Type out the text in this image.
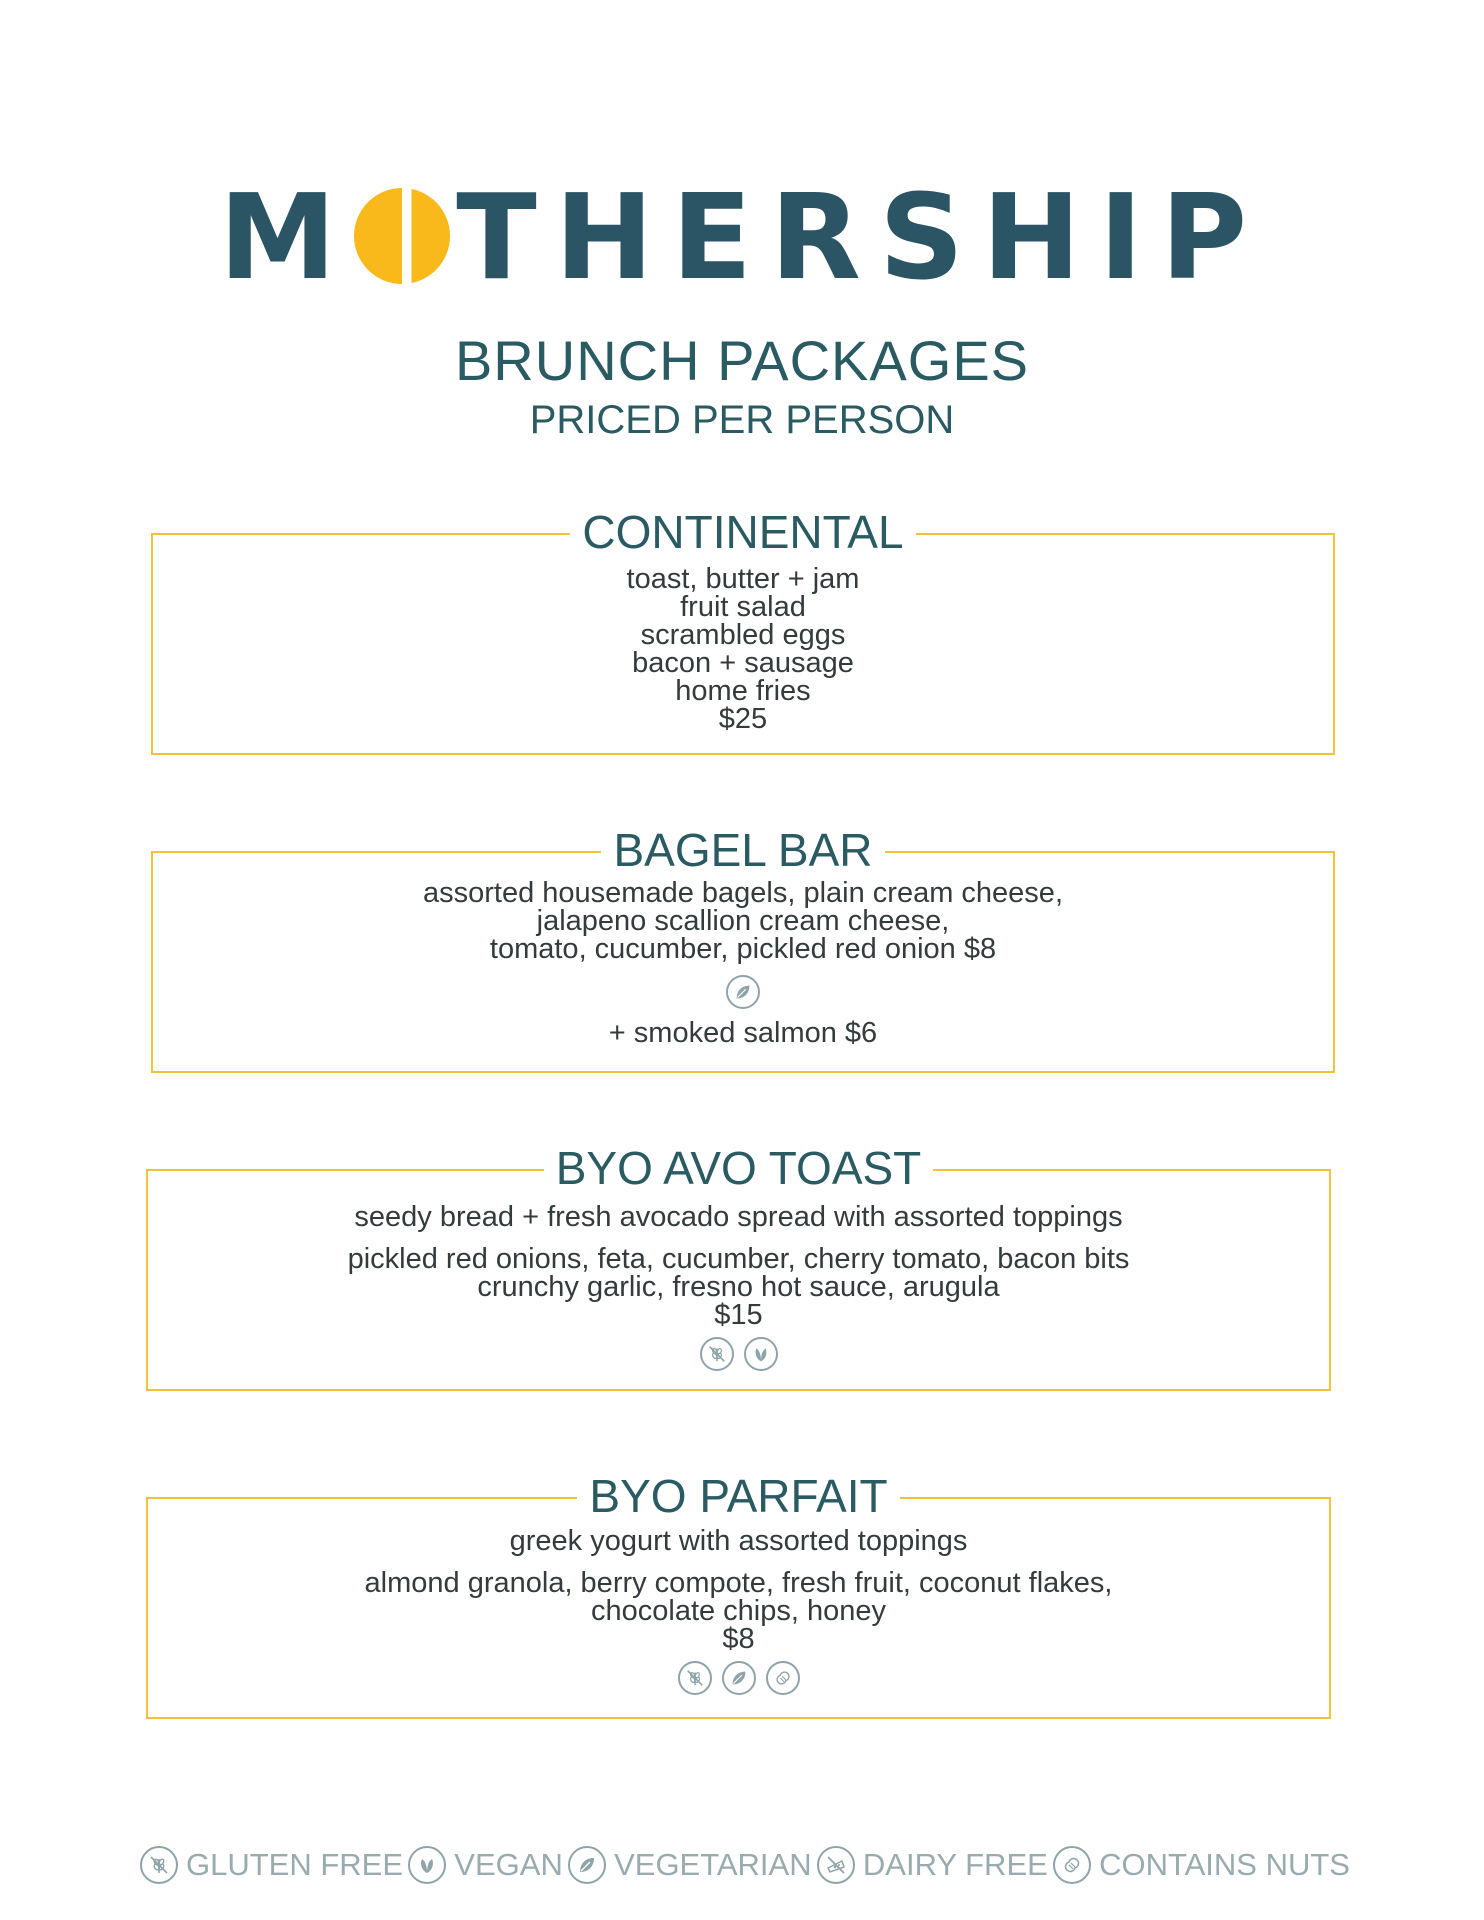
M THERSHIP
BRUNCH PACKAGES
PRICED PER PERSON
CONTINENTAL
toast, butter + jam
fruit salad
scrambled eggs
bacon + sausage
home fries
$25
BAGEL BAR
assorted housemade bagels, plain cream cheese,
jalapeno scallion cream cheese,
tomato, cucumber, pickled red onion $8
+ smoked salmon $6
BYO AVO TOAST
seedy bread + fresh avocado spread with assorted toppings
pickled red onions, feta, cucumber, cherry tomato, bacon bits
crunchy garlic, fresno hot sauce, arugula
$15
BYO PARFAIT
greek yogurt with assorted toppings
almond granola, berry compote, fresh fruit, coconut flakes,
chocolate chips, honey
$8
GLUTEN FREE VEGAN VEGETARIAN DAIRY FREE CONTAINS NUTS
